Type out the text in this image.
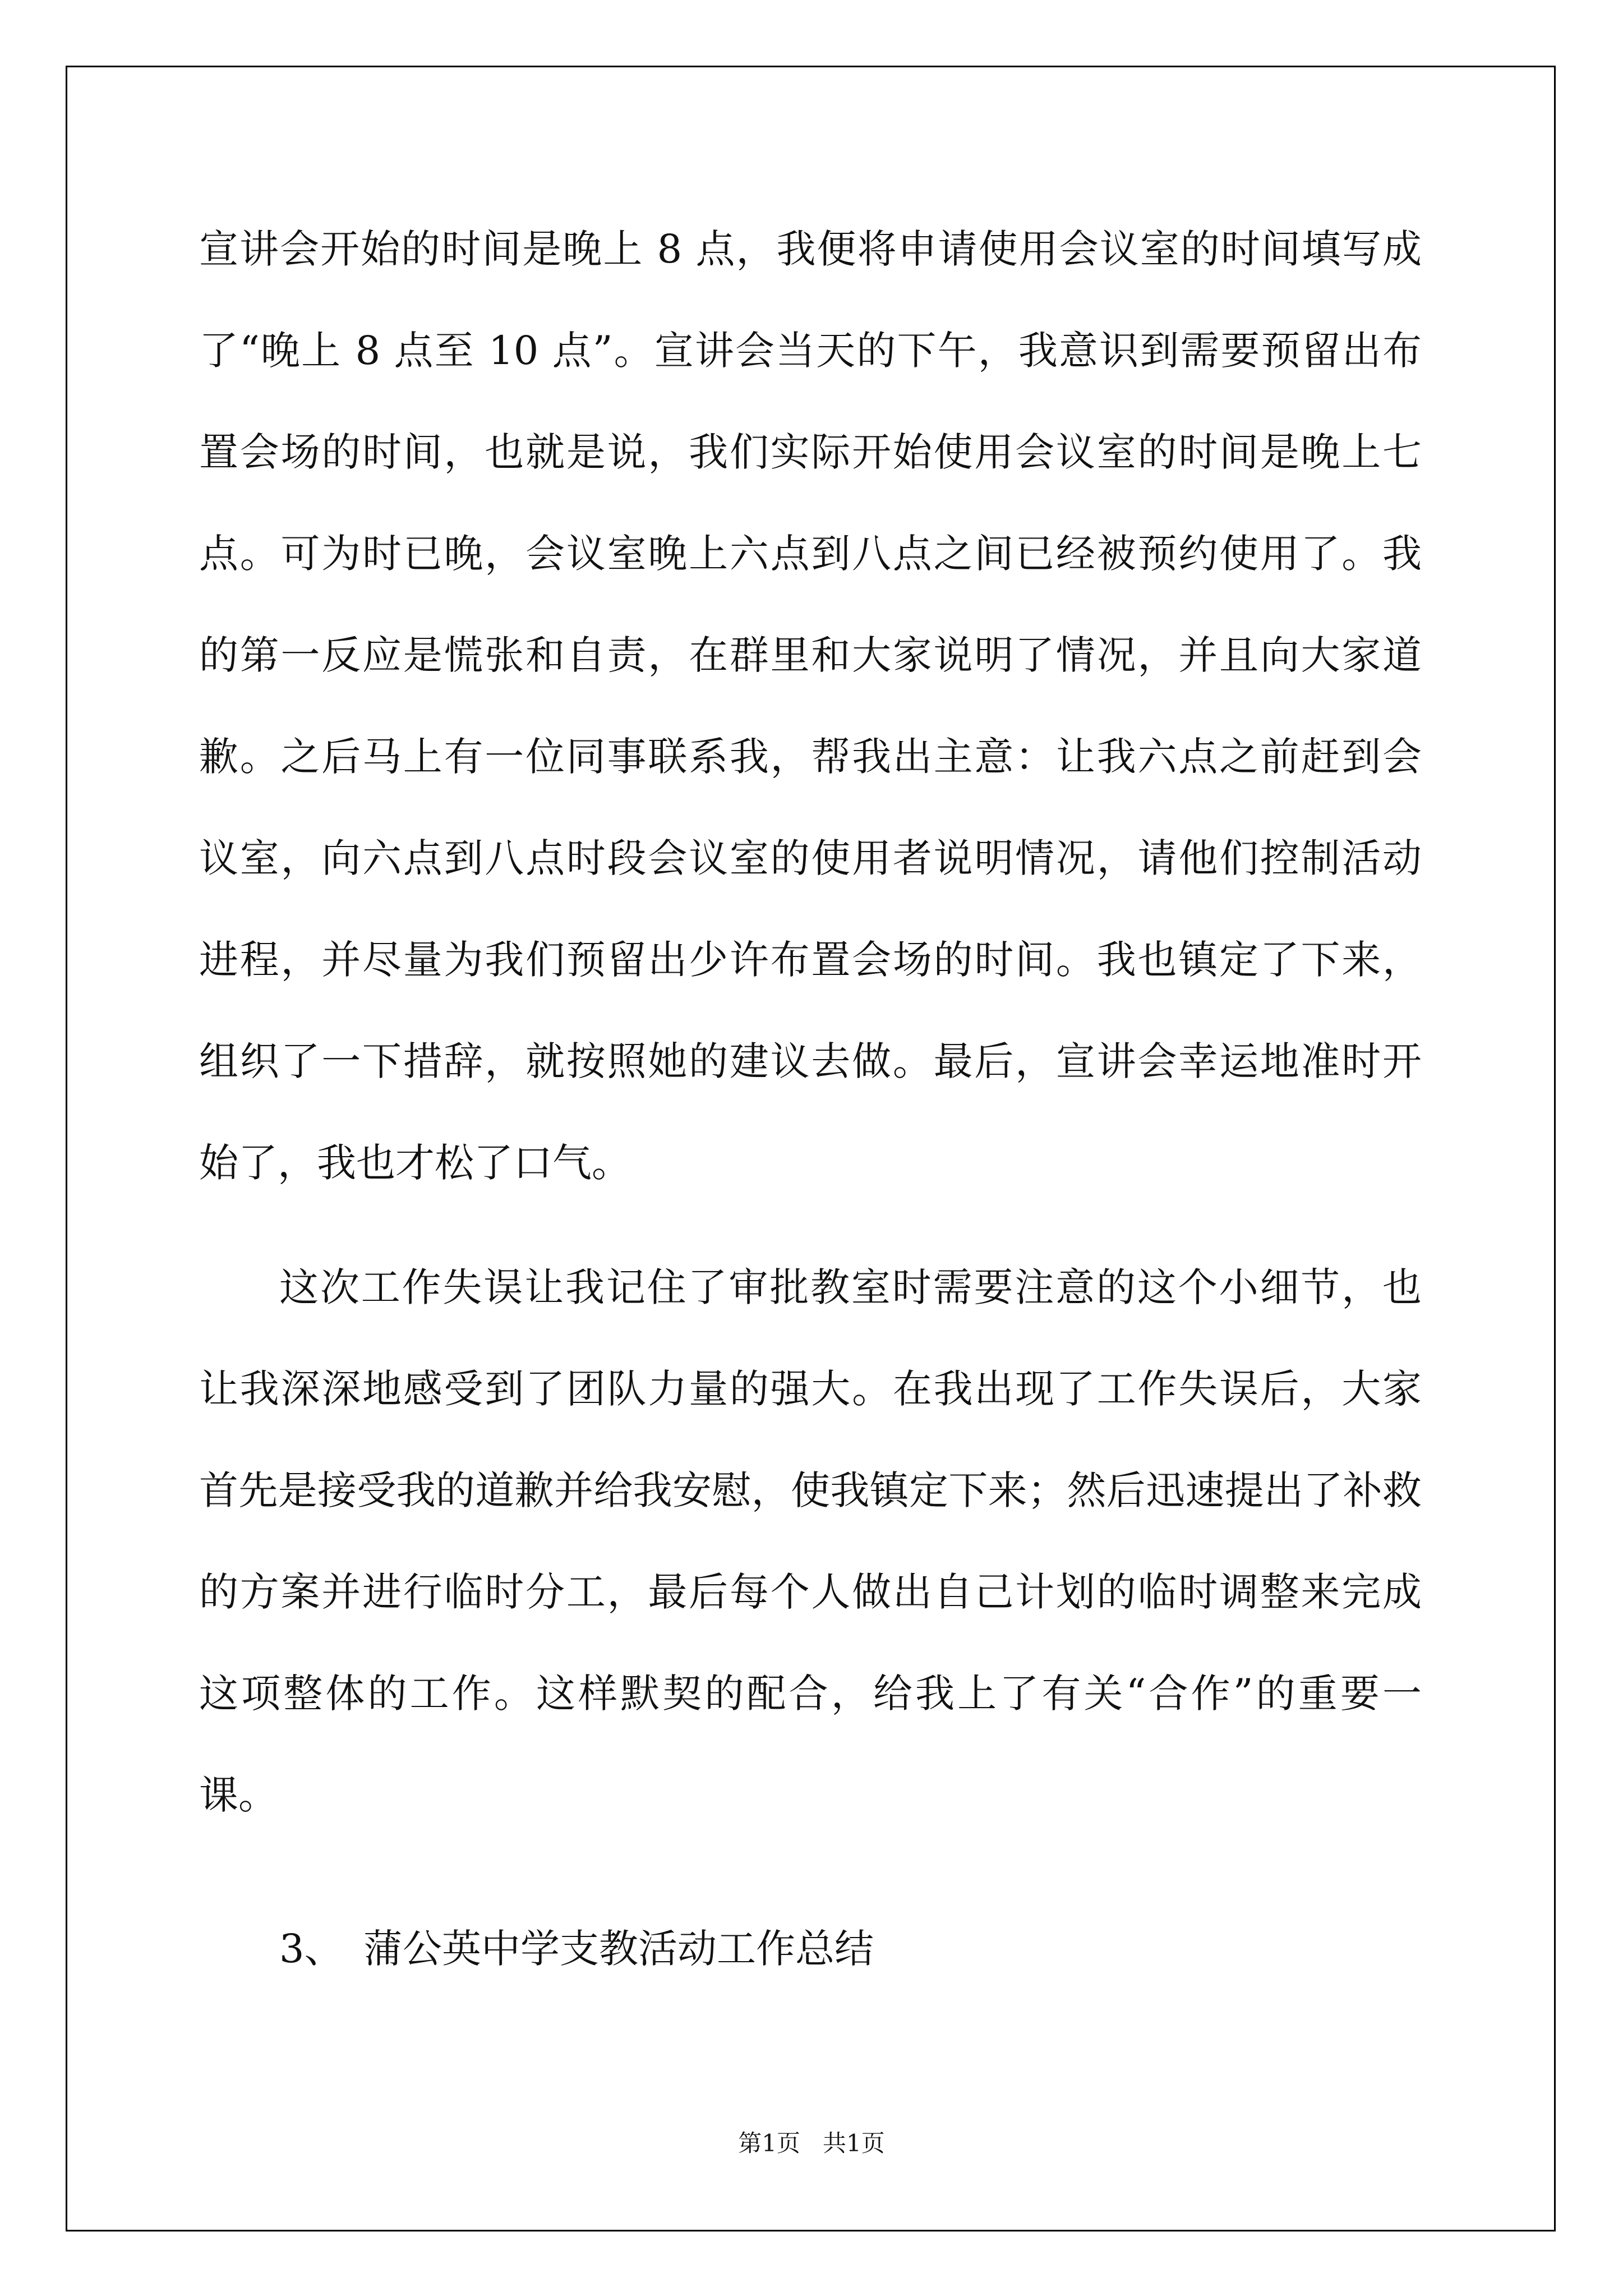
宣讲会开始的时间是晚上 8 点，我便将申请使用会议室的时间填写成

了“晚上 8 点至 10 点”。宣讲会当天的下午，我意识到需要预留出布

置会场的时间，也就是说，我们实际开始使用会议室的时间是晚上七

点。可为时已晚，会议室晚上六点到八点之间已经被预约使用了。我

的第一反应是慌张和自责，在群里和大家说明了情况，并且向大家道

歉。之后马上有一位同事联系我，帮我出主意：让我六点之前赶到会

议室，向六点到八点时段会议室的使用者说明情况，请他们控制活动

进程，并尽量为我们预留出少许布置会场的时间。我也镇定了下来，

组织了一下措辞，就按照她的建议去做。最后，宣讲会幸运地准时开

始了，我也才松了口气。

这次工作失误让我记住了审批教室时需要注意的这个小细节，也

让我深深地感受到了团队力量的强大。在我出现了工作失误后，大家

首先是接受我的道歉并给我安慰，使我镇定下来；然后迅速提出了补救

的方案并进行临时分工，最后每个人做出自己计划的临时调整来完成

这项整体的工作。这样默契的配合，给我上了有关“合作”的重要一

课。

3、 蒲公英中学支教活动工作总结

第1页   共1页
